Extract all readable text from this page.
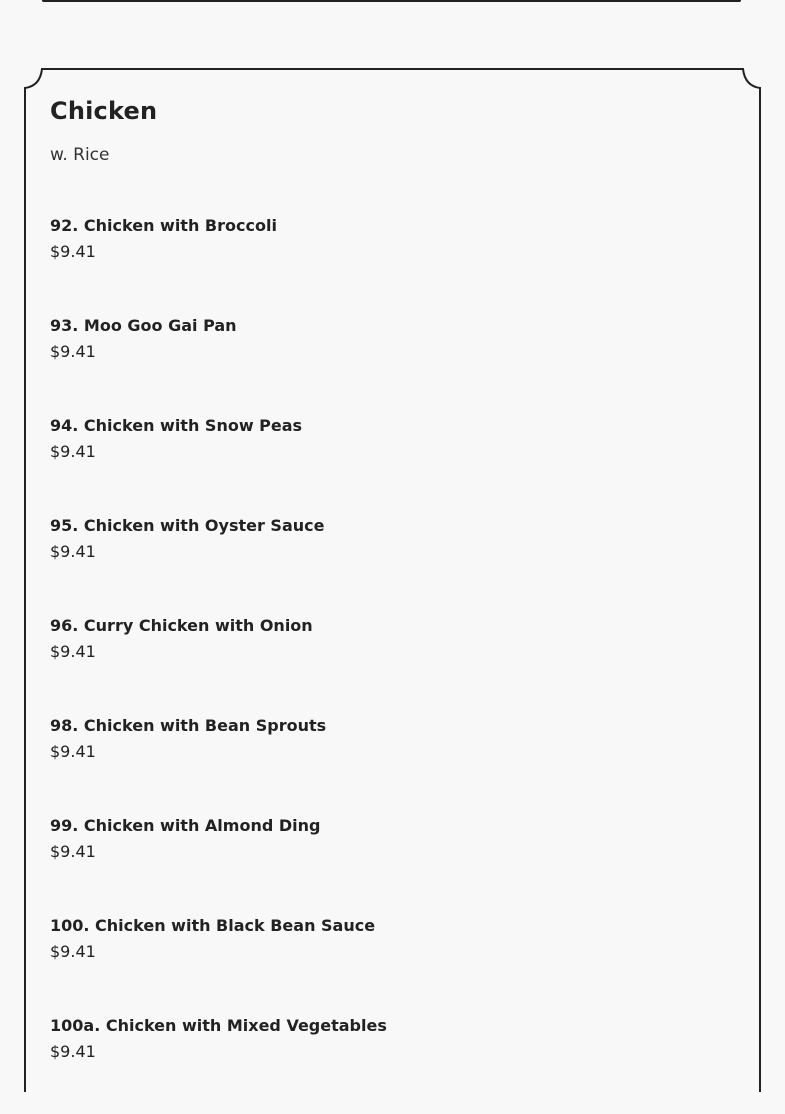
Chicken

w. Rice

92. Chicken with Broccoli
$9.41
93. Moo Goo Gai Pan
$9.41
94. Chicken with Snow Peas
$9.41
95. Chicken with Oyster Sauce
$9.41
96. Curry Chicken with Onion
$9.41
98. Chicken with Bean Sprouts
$9.41
99. Chicken with Almond Ding
$9.41
100. Chicken with Black Bean Sauce
$9.41
100a. Chicken with Mixed Vegetables
$9.41
